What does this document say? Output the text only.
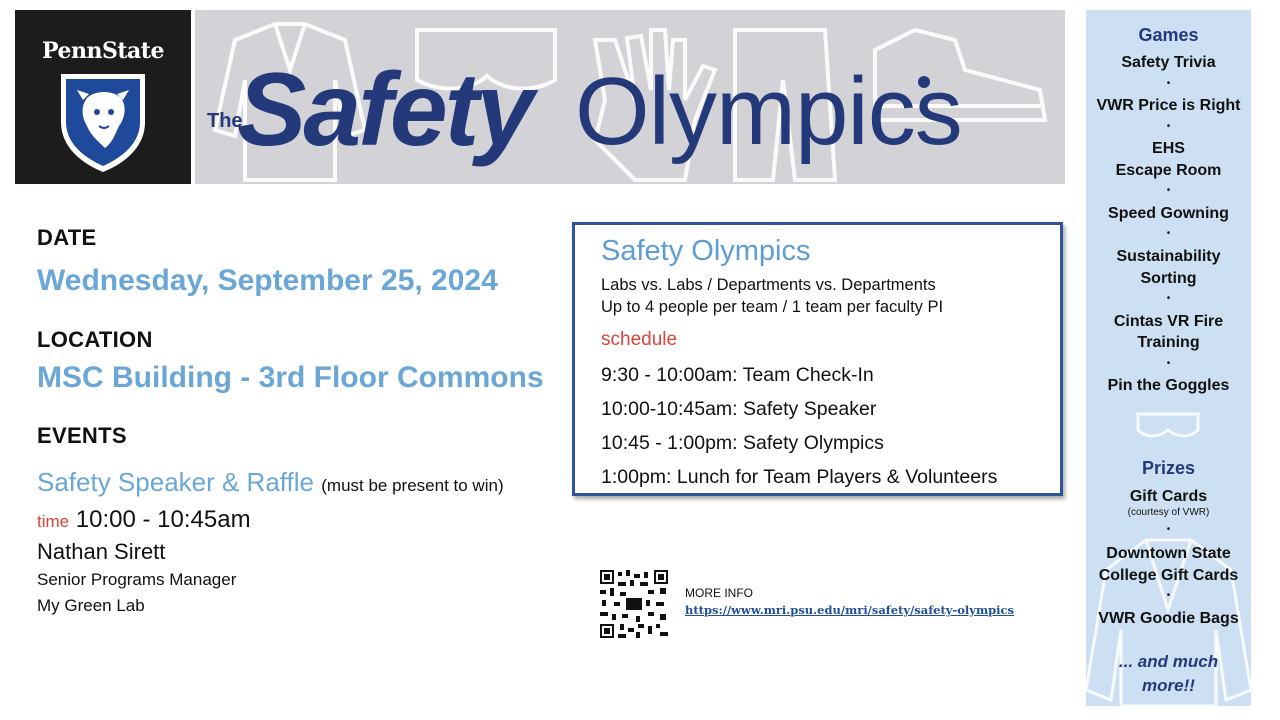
PennState
The
Safety Olympics
DATE
Wednesday, September 25, 2024
LOCATION
MSC Building - 3rd Floor Commons
EVENTS
Safety Speaker & Raffle (must be present to win)
time 10:00 - 10:45am
Nathan Sirett
Senior Programs Manager
My Green Lab
Safety Olympics
Labs vs. Labs / Departments vs. Departments
Up to 4 people per team / 1 team per faculty PI
schedule
9:30 - 10:00am: Team Check-In
10:00-10:45am: Safety Speaker
10:45 - 1:00pm: Safety Olympics
1:00pm: Lunch for Team Players & Volunteers
MORE INFO
https://www.mri.psu.edu/mri/safety/safety-olympics
Games
Safety Trivia
•
VWR Price is Right
•
EHS
Escape Room
•
Speed Gowning
•
Sustainability
Sorting
•
Cintas VR Fire
Training
•
Pin the Goggles
Prizes
Gift Cards
(courtesy of VWR)
•
Downtown State
College Gift Cards
•
VWR Goodie Bags
... and much
more!!
